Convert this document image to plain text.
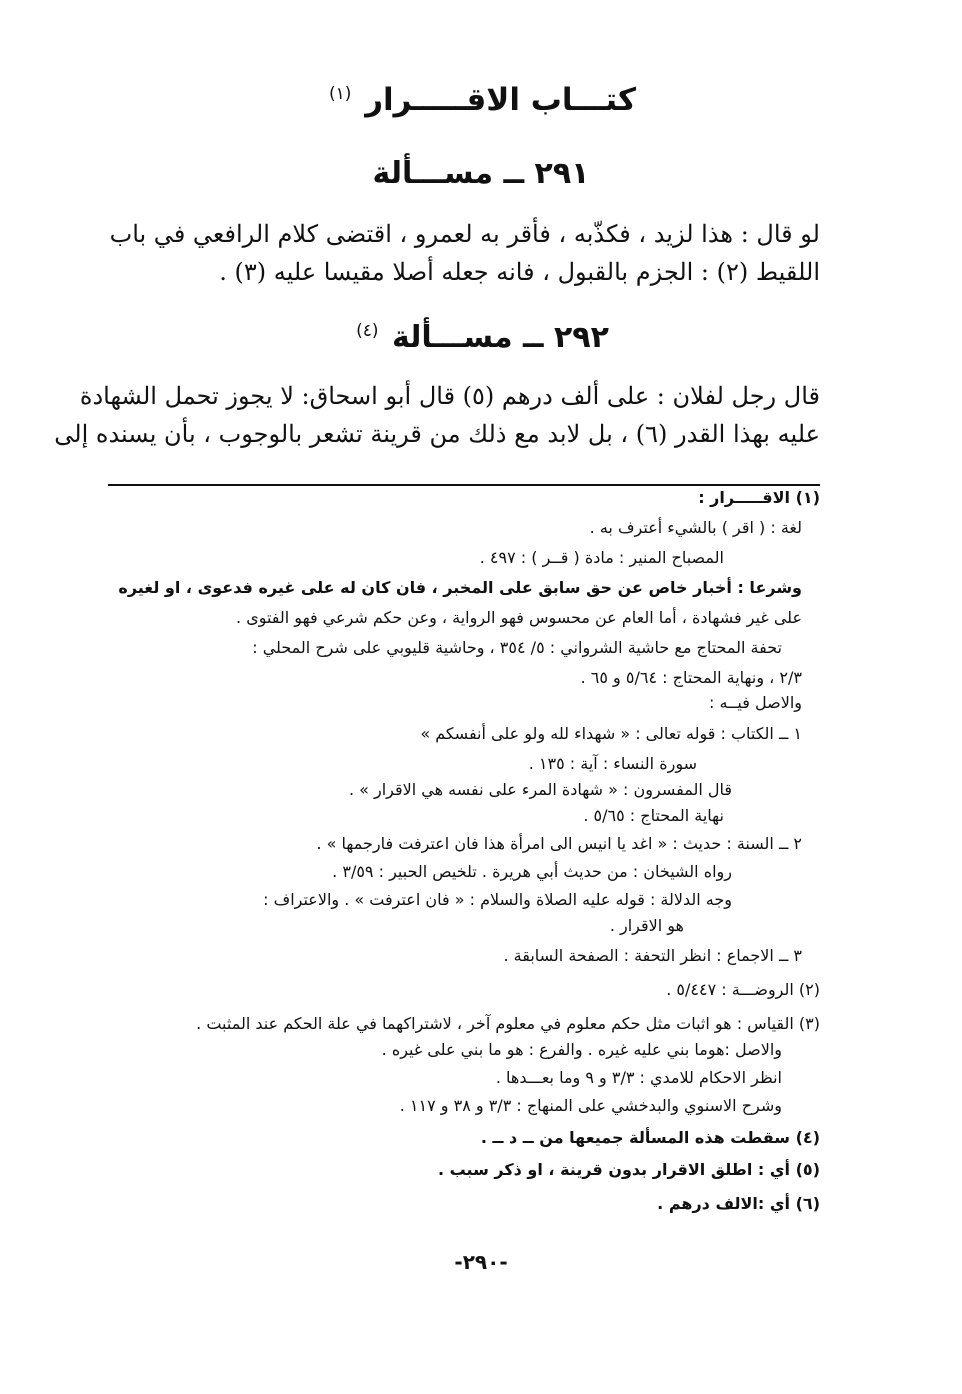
كتـــاب الاقـــــرار $^{(١)}$
٢٩١ ــ مســـألة
لو قال : هذا لزيد ، فكذّبه ، فأقر به لعمرو ، اقتضى كلام الرافعي في باب
اللقيط (٢) : الجزم بالقبول ، فانه جعله أصلا مقيسا عليه (٣) .
٢٩٢ ــ مســـألة $^{(٤)}$
قال رجل لفلان : على ألف درهم (٥) قال أبو اسحاق: لا يجوز تحمل الشهادة
عليه بهذا القدر (٦) ، بل لابد مع ذلك من قرينة تشعر بالوجوب ، بأن يسنده إلى
(١) الاقـــــرار :
لغة : ( اقر ) بالشيء أعترف به .
المصباح المنير : مادة ( قــر ) : ٤٩٧ .
وشرعا : أخبار خاص عن حق سابق على المخبر ، فان كان له على غيره فدعوى ، او لغيره
على غير فشهادة ، أما العام عن محسوس فهو الرواية ، وعن حكم شرعي فهو الفتوى .
تحفة المحتاج مع حاشية الشرواني : ٥/ ٣٥٤ ، وحاشية قليوبي على شرح المحلي :
٢/٣ ، ونهاية المحتاج : ٥/٦٤ و ٦٥ .
والاصل فيــه :
١ ــ الكتاب : قوله تعالى : « شهداء لله ولو على أنفسكم »
سورة النساء : آية : ١٣٥ .
قال المفسرون : « شهادة المرء على نفسه هي الاقرار » .
نهاية المحتاج : ٥/٦٥ .
٢ ــ السنة : حديث : « اغد يا انيس الى امرأة هذا فان اعترفت فارجمها » .
رواه الشيخان : من حديث أبي هريرة . تلخيص الحبير : ٣/٥٩ .
وجه الدلالة : قوله عليه الصلاة والسلام : « فان اعترفت » . والاعتراف :
هو الاقرار .
٣ ــ الاجماع : انظر التحفة : الصفحة السابقة .
(٢) الروضـــة : ٥/٤٤٧ .
(٣) القياس : هو اثبات مثل حكم معلوم في معلوم آخر ، لاشتراكهما في علة الحكم عند المثبت .
والاصل :هوما بني عليه غيره . والفرع : هو ما بني على غيره .
انظر الاحكام للامدي : ٣/٣ و ٩ وما بعـــدها .
وشرح الاسنوي والبدخشي على المنهاج : ٣/٣ و ٣٨ و ١١٧ .
(٤) سقطت هذه المسألة جميعها من ــ د ــ .
(٥) أي : اطلق الاقرار بدون قرينة ، او ذكر سبب .
(٦) أي :الالف درهم .
-٢٩٠-
